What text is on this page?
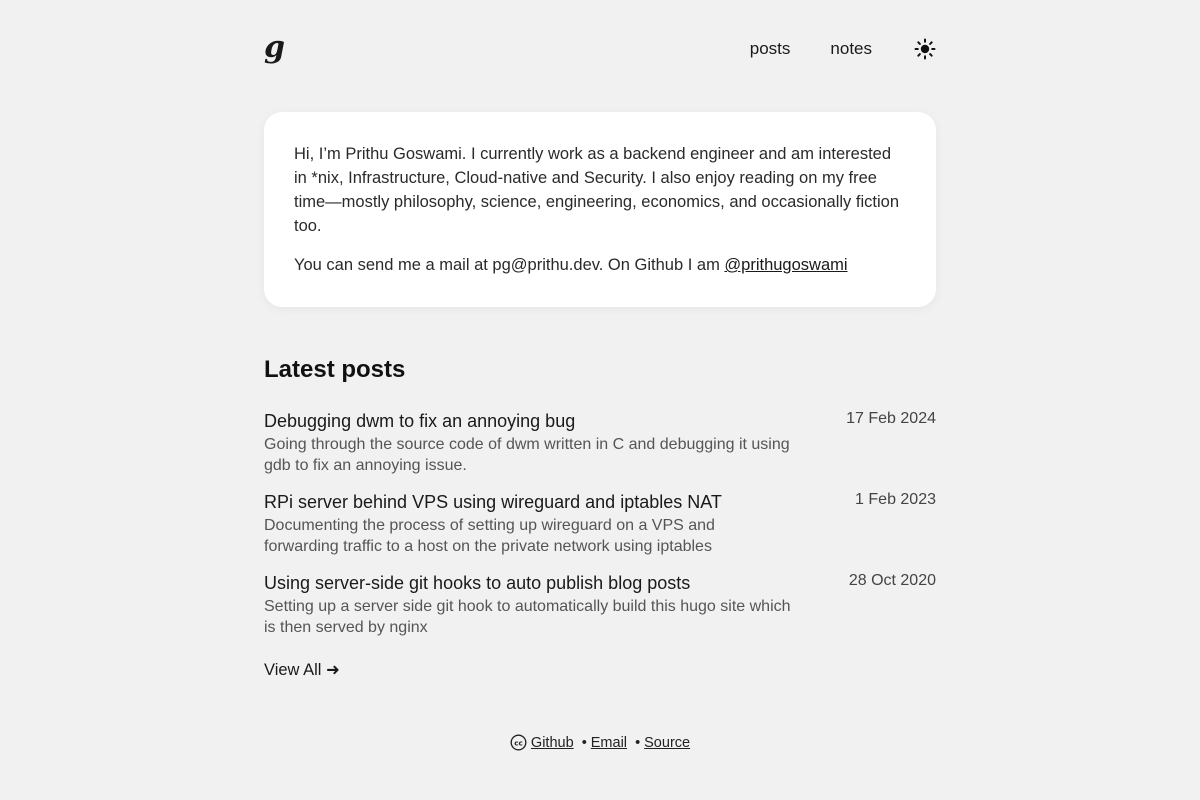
g	posts notes

Hi, I’m Prithu Goswami. I currently work as a backend engineer and am interested in *nix, Infrastructure, Cloud-native and Security. I also enjoy reading on my free time—mostly philosophy, science, engineering, economics, and occasionally fiction too.

You can send me a mail at pg@prithu.dev. On Github I am @prithugoswami

Latest posts
Debugging dwm to fix an annoying bug
Going through the source code of dwm written in C and debugging it using gdb to fix an annoying issue.
17 Feb 2024
RPi server behind VPS using wireguard and iptables NAT
Documenting the process of setting up wireguard on a VPS and forwarding traffic to a host on the private network using iptables
1 Feb 2023
Using server-side git hooks to auto publish blog posts
Setting up a server side git hook to automatically build this hugo site which is then served by nginx
28 Oct 2020
View All ➜
cc Github • Email • Source
